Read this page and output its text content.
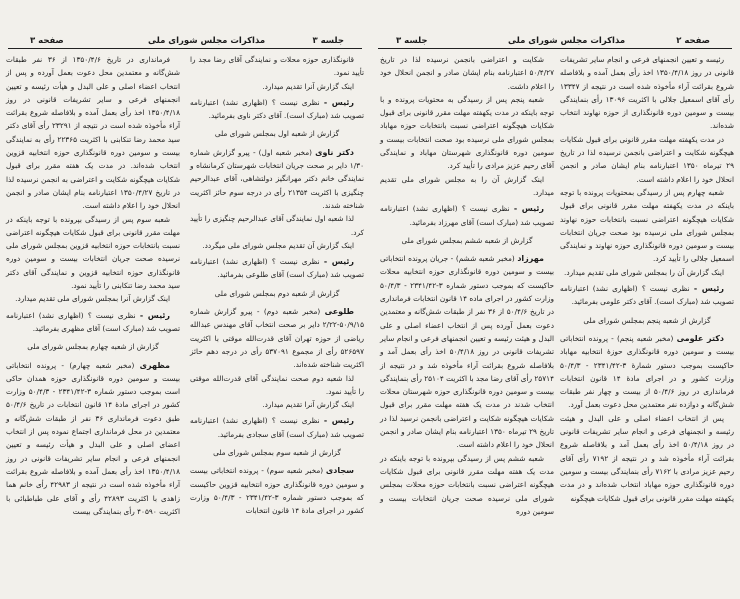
جلسه ۳
مذاکرات مجلس شورای ملی
صفحه ۳

قانونگذاری حوزه محلات و نمایندگی آقای رضا مجد را تأیید نمود.

اینک گزارش آنرا تقدیم میدارد.

رئیس - نظری نیست ؟ (اظهاری نشد) اعتبارنامه تصویب شد (مبارک است). آقای دکتر ناوی بفرمائید.

گزارش از شعبه اول بمجلس شورای ملی

دکتر ناوی (مخبر شعبه اول) - پیرو گزارش شماره ۱/۳۰ دایر بر صحت جریان انتخابات شهرستان کرمانشاه و نمایندگی خانم دکتر مهرانگیز دولتشاهی، آقای عبدالرحیم چنگیزی با اکثریت ۲۱۳۵۴ رأی در درجه سوم حائز اکثریت شناخته شدند.

لذا شعبه اول نمایندگی آقای عبدالرحیم چنگیزی را تأیید کرد.

اینک گزارش آن تقدیم مجلس شورای ملی میگردد.

رئیس - نظری نیست ؟ (اظهاری نشد) اعتبارنامه تصویب شد (مبارک است) آقای طلوعی بفرمائید.

گزارش از شعبه دوم بمجلس شورای ملی

طلوعی (مخبر شعبه دوم) - پیرو گزارش شماره ۵۰/۹/۱۵-۲/۲۲ دایر بر صحت انتخاب آقای مهندس عبدالله ریاضی از حوزه تهران آقای قدرت‌الله موقتی با اکثریت ۵۲۶۵۹۷ رأی از مجموع ۵۳۷۰۹۱ رأی در درجه دهم حائز اکثریت شناخته شده‌اند.

لذا شعبه دوم صحت نمایندگی آقای قدرت‌الله موقتی را تأیید نمود.

اینک گزارش آنرا تقدیم میدارد.

رئیس - نظری نیست ؟ (اظهاری نشد) اعتبارنامه تصویب شد (مبارک است) آقای سجادی بفرمائید.

گزارش از شعبه سوم بمجلس شورای ملی

سجادی (مخبر شعبه سوم) - پرونده انتخاباتی بیست و سومین دوره قانونگذاری حوزه انتخابیه قزوین حاکیست که بموجب دستور شماره ۳-۲۳۴۱/۴۲ - ۵۰/۴/۳ وزارت کشور در اجرای مادهٔ ۱۴ قانون انتخابات

فرمانداری در تاریخ ۱۳۵۰/۴/۶ از ۳۶ نفر طبقات شش‌گانه و معتمدین محل دعوت بعمل آورده و پس از انتخاب اعضاء اصلی و علی البدل و هیأت رئیسه و تعیین انجمنهای فرعی و سایر تشریفات قانونی در روز ۱۳۵۰/۴/۱۸ اخذ رأی بعمل آمده و بلافاصله شروع بقرائت آراء مأخوذه شده است در نتیجه از ۲۳۲۹۱ رأی آقای دکتر سید محمد رضا تنکابنی با اکثریت ۲۲۳۶۵ رأی به نمایندگی بیست و سومین دوره قانونگذاری حوزه انتخابیه قزوین انتخاب شده‌اند. در مدت یک هفته مقرر برای قبول شکایات هیچگونه شکایت و اعتراضی به انجمن نرسیده لذا در تاریخ ۱۳۵۰/۴/۲۷ اعتبارنامه بنام ایشان صادر و انجمن انحلال خود را اعلام داشته است.

شعبه سوم پس از رسیدگی بپرونده با توجه باینکه در مهلت مقرر قانونی برای قبول شکایات هیچگونه اعتراضی نسبت بانتخابات حوزه انتخابیه قزوین بمجلس شورای ملی نرسیده صحت جریان انتخابات بیست و سومین دوره قانونگذاری حوزه انتخابیه قزوین و نمایندگی آقای دکتر سید محمد رضا تنکابنی را تأیید نمود.

اینک گزارش آنرا بمجلس شورای ملی تقدیم میدارد.

رئیس - نظری نیست ؟ (اظهاری نشد) اعتبارنامه تصویب شد (مبارک است) آقای مظهری بفرمائید.

گزارش از شعبه چهارم بمجلس شورای ملی

مظهری (مخبر شعبه چهارم) - پرونده انتخاباتی بیست و سومین دوره قانونگذاری حوزه همدان حاکی است بموجب دستور شماره ۳-۲۳۴۱/۴۲ - ۵۰/۴/۳ وزارت کشور در اجرای مادهٔ ۱۴ قانون انتخابات در تاریخ ۵۰/۴/۶ طبق دعوت فرمانداری ۳۶ نفر از طبقات شش‌گانه و معتمدین در محل فرمانداری اجتماع نموده پس از انتخاب اعضای اصلی و علی البدل و هیأت رئیسه و تعیین انجمنهای فرعی و انجام سایر تشریفات قانونی در روز ۱۳۵۰/۴/۱۸ اخذ رأی بعمل آمده و بلافاصله شروع بقرائت آراء مأخوذه شده است در نتیجه از ۴۲۹۸۳ رأی خانم هما زاهدی با اکثریت ۴۲۸۹۳ رأی و آقای علی طباطبائی با اکثریت ۴۰۵۹۰ رأی بنمایندگی بیست

صفحه ۲
مذاکرات مجلس شورای ملی
جلسه ۳

رئیسه و تعیین انجمنهای فرعی و انجام سایر تشریفات قانونی در روز ۱۳۵۰/۴/۱۸ اخذ رأی بعمل آمده و بلافاصله شروع بقرائت آراء مأخوذه شده است در نتیجه از ۱۳۳۴۷ رأی آقای اسمعیل جلالی با اکثریت ۱۳۰۹۶ رأی بنمایندگی بیست و سومین دوره قانونگذاری از حوزه نهاوند انتخاب شده‌اند.

در مدت یکهفته مهلت مقرر قانونی برای قبول شکایات هیچگونه شکایت و اعتراضی بانجمن نرسیده لذا در تاریخ ۲۹ تیرماه ۱۳۵۰ اعتبارنامه بنام ایشان صادر و انجمن انحلال خود را اعلام داشته است.

شعبه چهارم پس از رسیدگی بمحتویات پرونده با توجه باینکه در مدت یکهفته مهلت مقرر قانونی برای قبول شکایات هیچگونه اعتراضی نسبت بانتخابات حوزه نهاوند بمجلس شورای ملی نرسیده بود صحت جریان انتخابات بیست و سومین دوره قانونگذاری حوزه نهاوند و نمایندگی اسمعیل جلالی را تأیید کرد.

اینک گزارش آن را بمجلس شورای ملی تقدیم میدارد.

رئیس - نظری نیست ؟ (اظهاری نشد) اعتبارنامه تصویب شد (مبارک است). آقای دکتر علومی بفرمائید.

گزارش از شعبه پنجم بمجلس شورای ملی

دکتر علومی (مخبر شعبه پنجم) - پرونده انتخاباتی بیست و سومین دوره قانونگذاری حوزهٔ انتخابیه مهاباد حاکیست بموجب دستور شمارهٔ ۳-۲۳۴۱/۴۲ - ۵۰/۴/۳ وزارت کشور و در اجرای مادهٔ ۱۴ قانون انتخابات فرمانداری در روز ۵۰/۴/۶ از بیست و چهار نفر طبقات شش‌گانه و دوازده نفر معتمدین محل دعوت بعمل آورد.

پس از انتخاب اعضاء اصلی و علی البدل و هیئت رئیسه و انجمنهای فرعی و انجام سایر تشریفات قانونی در روز ۵۰/۴/۱۸ اخذ رأی بعمل آمد و بلافاصله شروع بقرائت آراء مأخوذه شد و در نتیجه از ۷۱۹۲ رأی آقای رحیم عزیز مرادی با ۷۱۶۲ رأی بنمایندگی بیست و سومین دوره قانونگذاری حوزه مهاباد انتخاب شده‌اند و در مدت یکهفته مهلت مقرر قانونی برای قبول شکایات هیچگونه

شکایت و اعتراضی بانجمن نرسیده لذا در تاریخ ۵۰/۴/۲۷ اعتبارنامه بنام ایشان صادر و انجمن انحلال خود را اعلام داشت.

شعبه پنجم پس از رسیدگی به محتویات پرونده و با توجه باینکه در مدت یکهفته مهلت مقرر قانونی برای قبول شکایات هیچگونه اعتراضی نسبت بانتخابات حوزه مهاباد بمجلس شورای ملی نرسیده بود صحت انتخابات بیست و سومین دوره قانونگذاری شهرستان مهاباد و نمایندگی آقای رحیم عزیز مرادی را تأیید کرد.

اینک گزارش آن را به مجلس شورای ملی تقدیم میدارد.

رئیس - نظری نیست ؟ (اظهاری نشد) اعتبارنامه تصویب شد (مبارک است) آقای مهرزاد بفرمائید.

گزارش از شعبه ششم بمجلس شورای ملی

مهرزاد (مخبر شعبه ششم) - جریان پرونده انتخاباتی بیست و سومین دوره قانونگذاری حوزه انتخابیه محلات حاکیست که بموجب دستور شماره ۳-۲۳۴۱/۴۲ - ۵۰/۴/۳ وزارت کشور در اجرای ماده ۱۴ قانون انتخابات فرمانداری در تاریخ ۵۰/۴/۶ از ۳۶ نفر از طبقات شش‌گانه و معتمدین دعوت بعمل آورده پس از انتخاب اعضاء اصلی و علی البدل و هیئت رئیسه و تعیین انجمنهای فرعی و انجام سایر تشریفات قانونی در روز ۵۰/۴/۱۸ اخذ رأی بعمل آمد و بلافاصله شروع بقرائت آراء مأخوذه شد و در نتیجه از ۲۵۷۱۴ رأی آقای رضا مجد با اکثریت ۲۵۱۰۴ رأی بنمایندگی بیست و سومین دوره قانونگذاری حوزه شهرستان محلات انتخاب شدند در مدت یک هفته مهلت مقرر برای قبول شکایات هیچگونه شکایت و اعتراضی بانجمن نرسید لذا در تاریخ ۲۹ تیرماه ۱۳۵۰ اعتبارنامه بنام ایشان صادر و انجمن انحلال خود را اعلام داشته است.

شعبه ششم پس از رسیدگی بپرونده با توجه باینکه در مدت یک هفته مهلت مقرر قانونی برای قبول شکایات هیچگونه اعتراضی نسبت بانتخابات حوزه محلات بمجلس شورای ملی نرسیده صحت جریان انتخابات بیست و سومین دوره
